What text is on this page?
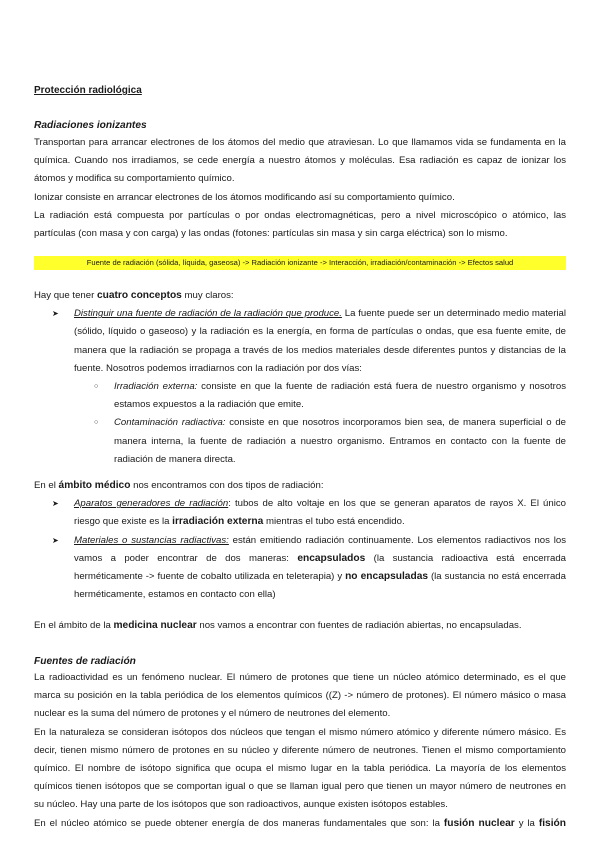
Protección radiológica
Radiaciones ionizantes

Transportan para arrancar electrones de los átomos del medio que atraviesan. Lo que llamamos vida se fundamenta en la química. Cuando nos irradiamos, se cede energía a nuestro átomos y moléculas. Esa radiación es capaz de ionizar los átomos y modifica su comportamiento químico.

Ionizar consiste en arrancar electrones de los átomos modificando así su comportamiento químico.

La radiación está compuesta por partículas o por ondas electromagnéticas, pero a nivel microscópico o atómico, las partículas (con masa y con carga) y las ondas (fotones: partículas sin masa y sin carga eléctrica) son lo mismo.

Fuente de radiación (sólida, líquida, gaseosa) -> Radiación ionizante -> Interacción, irradiación/contaminación -> Efectos salud

Hay que tener cuatro conceptos muy claros:

➤ Distinguir una fuente de radiación de la radiación que produce. La fuente puede ser un determinado medio material (sólido, líquido o gaseoso) y la radiación es la energía, en forma de partículas o ondas, que esa fuente emite, de manera que la radiación se propaga a través de los medios materiales desde diferentes puntos y distancias de la fuente. Nosotros podemos irradiarnos con la radiación por dos vías:
○ Irradiación externa: consiste en que la fuente de radiación está fuera de nuestro organismo y nosotros estamos expuestos a la radiación que emite.
○ Contaminación radiactiva: consiste en que nosotros incorporamos bien sea, de manera superficial o de manera interna, la fuente de radiación a nuestro organismo. Entramos en contacto con la fuente de radiación de manera directa.

En el ámbito médico nos encontramos con dos tipos de radiación:

➤ Aparatos generadores de radiación: tubos de alto voltaje en los que se generan aparatos de rayos X. El único riesgo que existe es la irradiación externa mientras el tubo está encendido.
➤ Materiales o sustancias radiactivas: están emitiendo radiación continuamente. Los elementos radiactivos nos los vamos a poder encontrar de dos maneras: encapsulados (la sustancia radioactiva está encerrada herméticamente -> fuente de cobalto utilizada en teleterapia) y no encapsuladas (la sustancia no está encerrada herméticamente, estamos en contacto con ella)

En el ámbito de la medicina nuclear nos vamos a encontrar con fuentes de radiación abiertas, no encapsuladas.

Fuentes de radiación

La radioactividad es un fenómeno nuclear. El número de protones que tiene un núcleo atómico determinado, es el que marca su posición en la tabla periódica de los elementos químicos ((Z) -> número de protones). El número másico o masa nuclear es la suma del número de protones y el número de neutrones del elemento.

En la naturaleza se consideran isótopos dos núcleos que tengan el mismo número atómico y diferente número másico. Es decir, tienen mismo número de protones en su núcleo y diferente número de neutrones. Tienen el mismo comportamiento químico. El nombre de isótopo significa que ocupa el mismo lugar en la tabla periódica. La mayoría de los elementos químicos tienen isótopos que se comportan igual o que se llaman igual pero que tienen un mayor número de neutrones en su núcleo. Hay una parte de los isótopos que son radioactivos, aunque existen isótopos estables.

En el núcleo atómico se puede obtener energía de dos maneras fundamentales que son: la fusión nuclear y la fisión
